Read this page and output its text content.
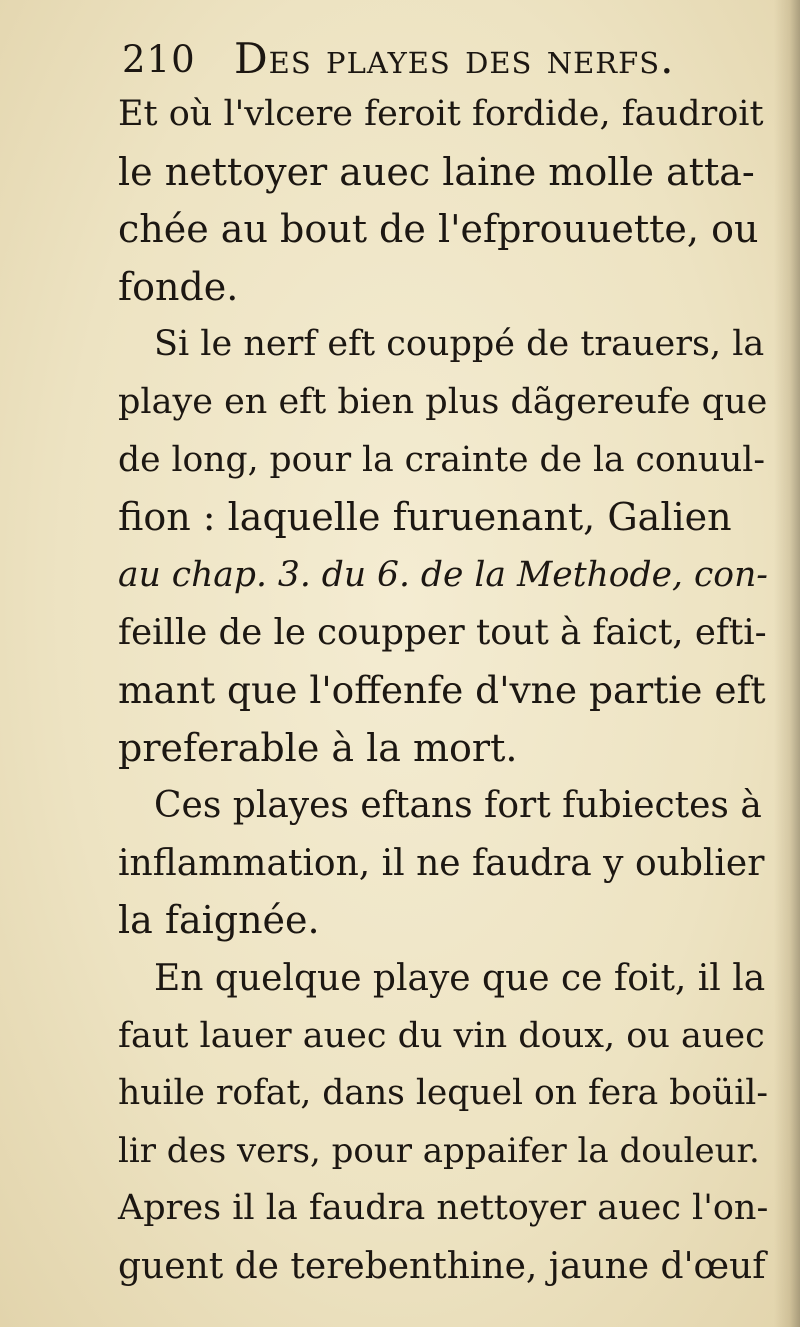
210 Des playes des nerfs.
Et où l'vlcere feroit fordide, faudroit
le nettoyer auec laine molle atta-
chée au bout de l'efprouuette, ou
fonde.
Si le nerf eft couppé de trauers, la
playe en eft bien plus dãgereufe que
de long, pour la crainte de la conuul-
fion : laquelle furuenant, Galien
au chap. 3. du 6. de la Methode, con-
feille de le coupper tout à faict, efti-
mant que l'offenfe d'vne partie eft
preferable à la mort.
Ces playes eftans fort fubiectes à
inflammation, il ne faudra y oublier
la faignée.
En quelque playe que ce foit, il la
faut lauer auec du vin doux, ou auec
huile rofat, dans lequel on fera boüil-
lir des vers, pour appaifer la douleur.
Apres il la faudra nettoyer auec l'on-
guent de terebenthine, jaune d'œuf
